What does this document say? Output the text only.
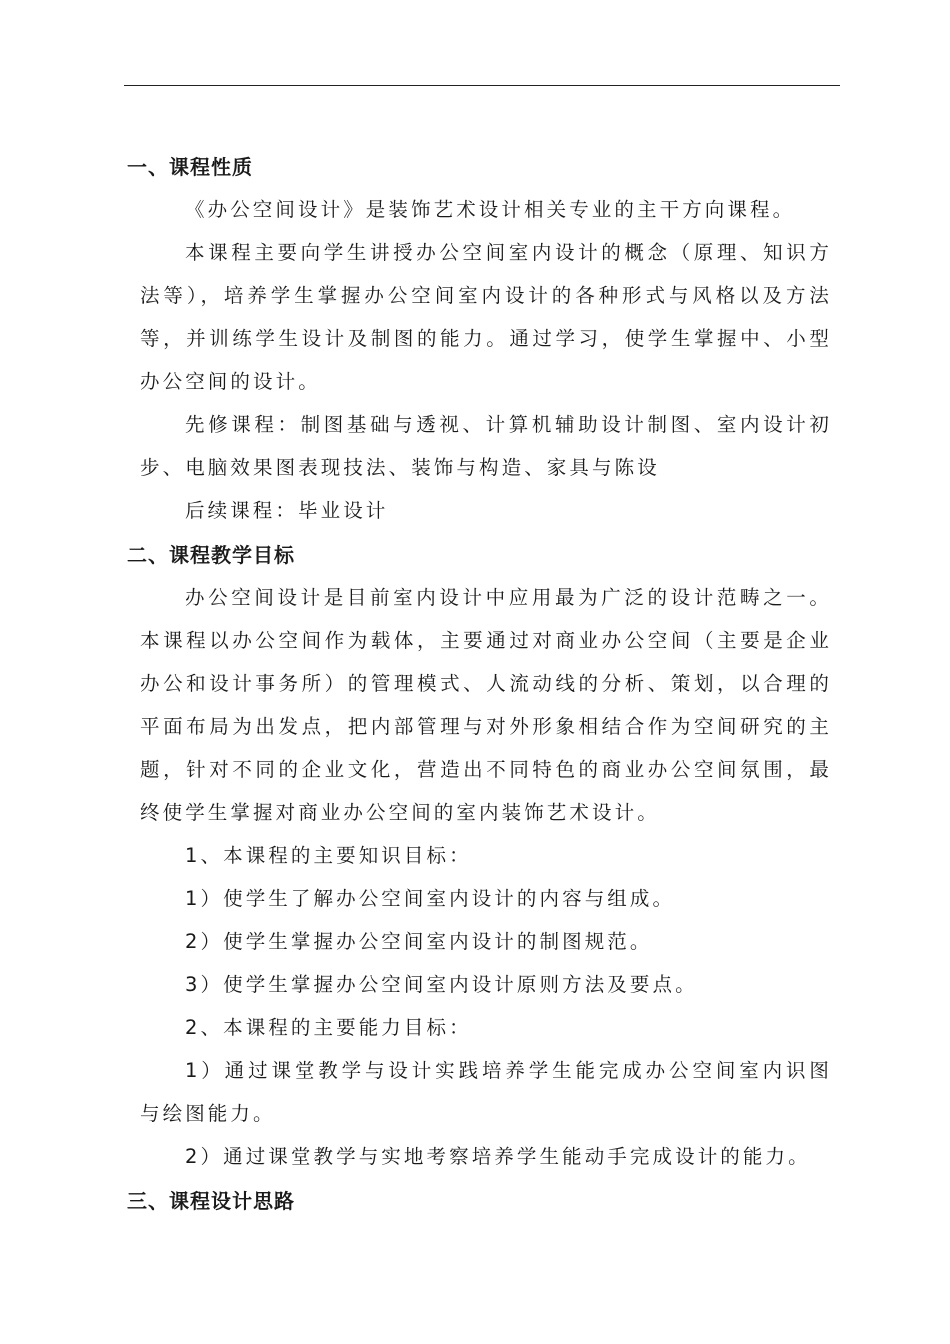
一、课程性质
《办公空间设计》是装饰艺术设计相关专业的主干方向课程。
本课程主要向学生讲授办公空间室内设计的概念（原理、知识方法等），培养学生掌握办公空间室内设计的各种形式与风格以及方法等，并训练学生设计及制图的能力。通过学习，使学生掌握中、小型办公空间的设计。
先修课程：制图基础与透视、计算机辅助设计制图、室内设计初步、电脑效果图表现技法、装饰与构造、家具与陈设
后续课程：毕业设计
二、课程教学目标
办公空间设计是目前室内设计中应用最为广泛的设计范畴之一。本课程以办公空间作为载体，主要通过对商业办公空间（主要是企业办公和设计事务所）的管理模式、人流动线的分析、策划，以合理的平面布局为出发点，把内部管理与对外形象相结合作为空间研究的主题，针对不同的企业文化，营造出不同特色的商业办公空间氛围，最终使学生掌握对商业办公空间的室内装饰艺术设计。
1、本课程的主要知识目标：
1）使学生了解办公空间室内设计的内容与组成。
2）使学生掌握办公空间室内设计的制图规范。
3）使学生掌握办公空间室内设计原则方法及要点。
2、本课程的主要能力目标：
1）通过课堂教学与设计实践培养学生能完成办公空间室内识图与绘图能力。
2）通过课堂教学与实地考察培养学生能动手完成设计的能力。
三、课程设计思路
